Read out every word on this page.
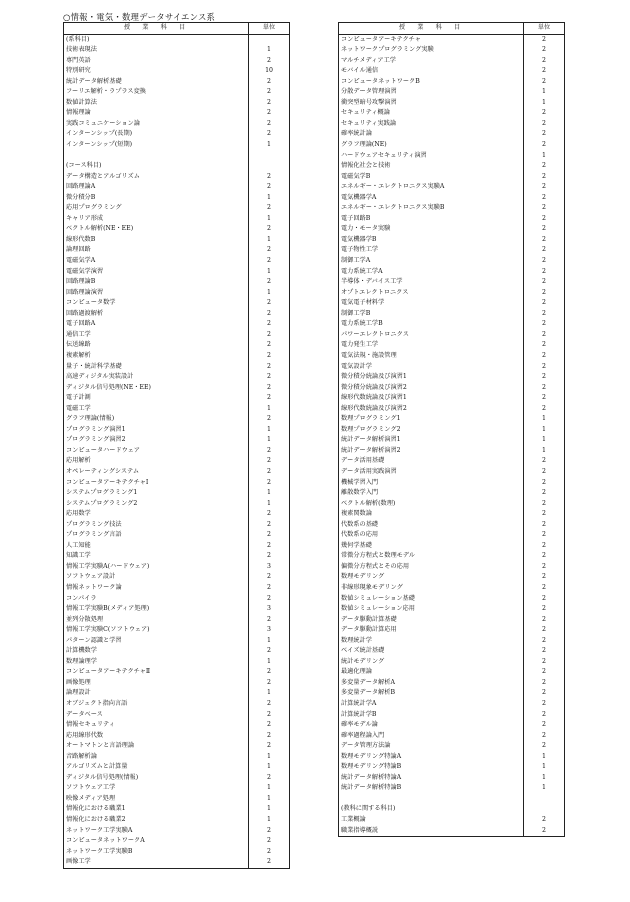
○情報・電気・数理データサイエンス系
授　業　科　目	単位
(系科目)	
技術表現法	1
専門英語	2
特別研究	10
統計データ解析基礎	2
フーリエ解析・ラプラス変換	2
数値計算法	2
情報理論	2
実践コミュニケーション論	2
インターンシップ(長期)	2
インターンシップ(短期)	1

(コース科目)	
データ構造とアルゴリズム	2
回路理論A	2
微分積分B	1
応用プログラミング	2
キャリア形成	1
ベクトル解析(NE・EE)	2
線形代数B	1
論理回路	2
電磁気学A	2
電磁気学演習	1
回路理論B	2
回路理論演習	1
コンピュータ数学	2
回路過渡解析	2
電子回路A	2
通信工学	2
伝送線路	2
複素解析	2
量子・統計科学基礎	2
高速ディジタル実装設計	2
ディジタル信号処理(NE・EE)	2
電子計測	2
電磁工学	1
グラフ理論(情報)	2
プログラミング演習1	1
プログラミング演習2	1
コンピュータハードウェア	2
応用解析	2
オペレーティングシステム	2
コンピュータアーキテクチャⅠ	2
システムプログラミング1	1
システムプログラミング2	1
応用数学	2
プログラミング技法	2
プログラミング言語	2
人工知能	2
知識工学	2
情報工学実験A(ハードウェア)	3
ソフトウェア設計	2
情報ネットワーク論	2
コンパイラ	2
情報工学実験B(メディア処理)	3
並列分散処理	2
情報工学実験C(ソフトウェア)	3
パターン認識と学習	1
計算機数学	2
数理論理学	1
コンピュータアーキテクチャⅡ	2
画像処理	2
論理設計	1
オブジェクト指向言語	2
データベース	2
情報セキュリティ	2
応用線形代数	2
オートマトンと言語理論	2
音路解析論	1
アルゴリズムと計算量	1
ディジタル信号処理(情報)	2
ソフトウェア工学	1
映像メディア処理	1
情報化における職業1	1
情報化における職業2	1
ネットワーク工学実験A	2
コンピュータネットワークA	2
ネットワーク工学実験B	2
画像工学	2
授　業　科　目	単位
コンピュータアーキテクチャ	2
ネットワークプログラミング実験	2
マルチメディア工学	2
モバイル通信	2
コンピュータネットワークB	2
分散データ管理演習	1
衝突型暗号攻撃演習	1
セキュリティ概論	2
セキュリティ実践論	2
確率統計論	2
グラフ理論(NE)	2
ハードウェアセキュリティ演習	1
情報化社会と技術	2
電磁気学B	2
エネルギー・エレクトロニクス実験A	2
電気機器学A	2
エネルギー・エレクトロニクス実験B	2
電子回路B	2
電力・モータ実験	2
電気機器学B	2
電子物性工学	2
制御工学A	2
電力系統工学A	2
半導体・デバイス工学	2
オプトエレクトロニクス	2
電気電子材料学	2
制御工学B	2
電力系統工学B	2
パワーエレクトロニクス	2
電力発生工学	2
電気法規・施設管理	2
電気設計学	2
微分積分続論及び演習1	2
微分積分続論及び演習2	2
線形代数続論及び演習1	2
線形代数続論及び演習2	2
数理プログラミング1	1
数理プログラミング2	1
統計データ解析演習1	1
統計データ解析演習2	1
データ活用基礎	2
データ活用実践演習	2
機械学習入門	2
離散数学入門	2
ベクトル解析(数理)	2
複素関数論	2
代数系の基礎	2
代数系の応用	2
幾何学基礎	2
常微分方程式と数理モデル	2
偏微分方程式とその応用	2
数理モデリング	2
非線形現象モデリング	2
数値シミュレーション基礎	2
数値シミュレーション応用	2
データ駆動計算基礎	2
データ駆動計算応用	2
数理統計学	2
ベイズ統計基礎	2
統計モデリング	2
最適化理論	2
多変量データ解析A	2
多変量データ解析B	2
計算統計学A	2
計算統計学B	2
確率モデル論	2
確率過程論入門	2
データ管理方法論	2
数理モデリング特論A	1
数理モデリング特論B	1
統計データ解析特論A	1
統計データ解析特論B	1

(教科に関する科目)	
工業概論	2
職業指導概説	2
